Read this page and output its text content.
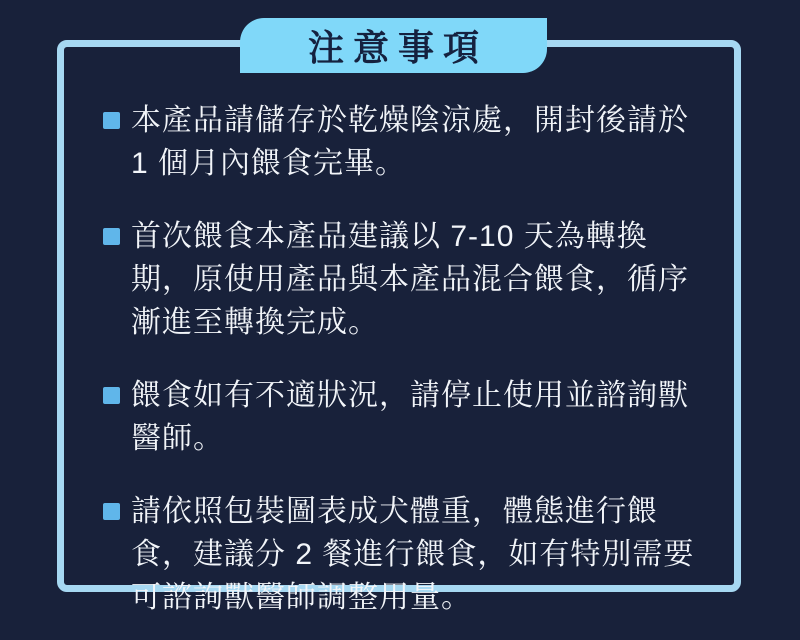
注意事項

本產品請儲存於乾燥陰涼處，開封後請於 1 個月內餵食完畢。

首次餵食本產品建議以 7-10 天為轉換期，原使用產品與本產品混合餵食，循序漸進至轉換完成。

餵食如有不適狀況，請停止使用並諮詢獸醫師。

請依照包裝圖表成犬體重，體態進行餵食，建議分 2 餐進行餵食，如有特別需要可諮詢獸醫師調整用量。
